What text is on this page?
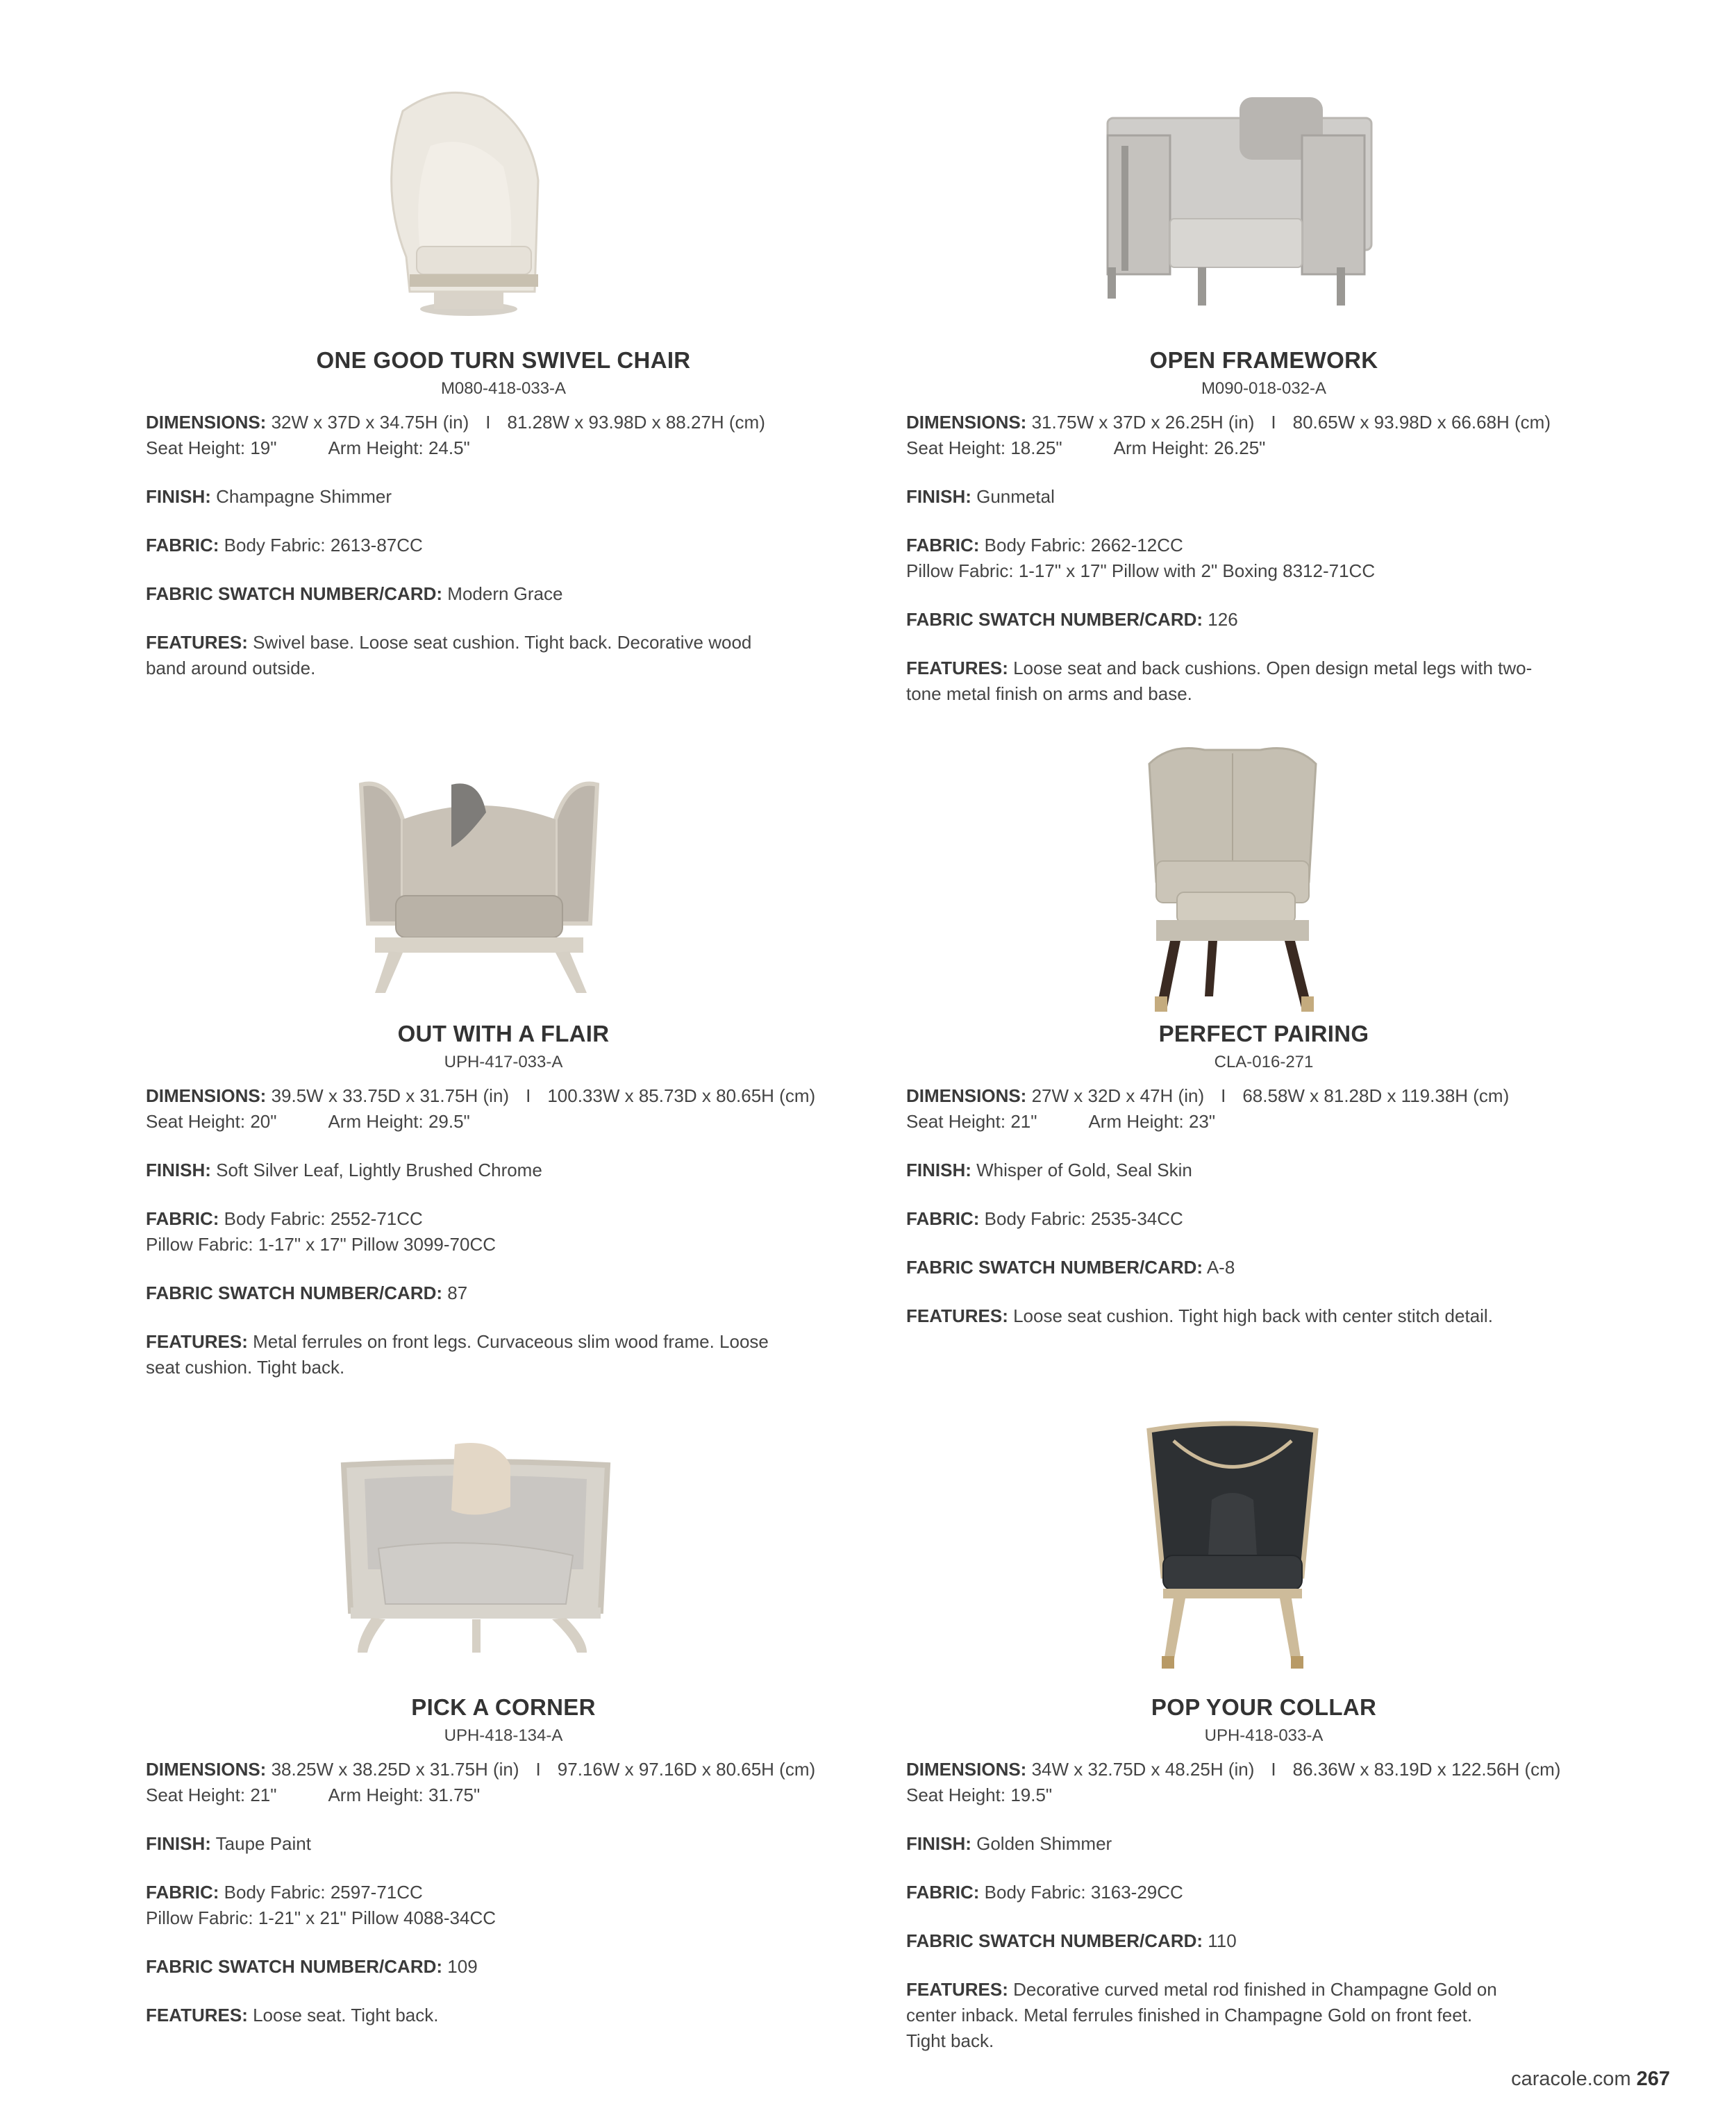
ONE GOOD TURN SWIVEL CHAIR
M080-418-033-A
DIMENSIONS: 32W x 37D x 34.75H (in) I 81.28W x 93.98D x 88.27H (cm)
Seat Height: 19"	Arm Height: 24.5"
FINISH: Champagne Shimmer
FABRIC: Body Fabric: 2613-87CC
FABRIC SWATCH NUMBER/CARD: Modern Grace
FEATURES: Swivel base. Loose seat cushion. Tight back. Decorative wood
band around outside.
OPEN FRAMEWORK
M090-018-032-A
DIMENSIONS: 31.75W x 37D x 26.25H (in) I 80.65W x 93.98D x 66.68H (cm)
Seat Height: 18.25"	Arm Height: 26.25"
FINISH: Gunmetal
FABRIC: Body Fabric: 2662-12CC
Pillow Fabric: 1-17" x 17" Pillow with 2" Boxing 8312-71CC
FABRIC SWATCH NUMBER/CARD: 126
FEATURES: Loose seat and back cushions. Open design metal legs with two-
tone metal finish on arms and base.
OUT WITH A FLAIR
UPH-417-033-A
DIMENSIONS: 39.5W x 33.75D x 31.75H (in) I 100.33W x 85.73D x 80.65H (cm)
Seat Height: 20"	Arm Height: 29.5"
FINISH: Soft Silver Leaf, Lightly Brushed Chrome
FABRIC: Body Fabric: 2552-71CC
Pillow Fabric: 1-17" x 17" Pillow 3099-70CC
FABRIC SWATCH NUMBER/CARD: 87
FEATURES: Metal ferrules on front legs. Curvaceous slim wood frame. Loose
seat cushion. Tight back.
PERFECT PAIRING
CLA-016-271
DIMENSIONS: 27W x 32D x 47H (in) I 68.58W x 81.28D x 119.38H (cm)
Seat Height: 21"	Arm Height: 23"
FINISH: Whisper of Gold, Seal Skin
FABRIC: Body Fabric: 2535-34CC
FABRIC SWATCH NUMBER/CARD: A-8
FEATURES: Loose seat cushion. Tight high back with center stitch detail.
PICK A CORNER
UPH-418-134-A
DIMENSIONS: 38.25W x 38.25D x 31.75H (in) I 97.16W x 97.16D x 80.65H (cm)
Seat Height: 21"	Arm Height: 31.75"
FINISH: Taupe Paint
FABRIC: Body Fabric: 2597-71CC
Pillow Fabric: 1-21" x 21" Pillow 4088-34CC
FABRIC SWATCH NUMBER/CARD: 109
FEATURES: Loose seat. Tight back.
POP YOUR COLLAR
UPH-418-033-A
DIMENSIONS: 34W x 32.75D x 48.25H (in) I 86.36W x 83.19D x 122.56H (cm)
Seat Height: 19.5"
FINISH: Golden Shimmer
FABRIC: Body Fabric: 3163-29CC
FABRIC SWATCH NUMBER/CARD: 110
FEATURES: Decorative curved metal rod finished in Champagne Gold on
center inback. Metal ferrules finished in Champagne Gold on front feet.
Tight back.
caracole.com 267
